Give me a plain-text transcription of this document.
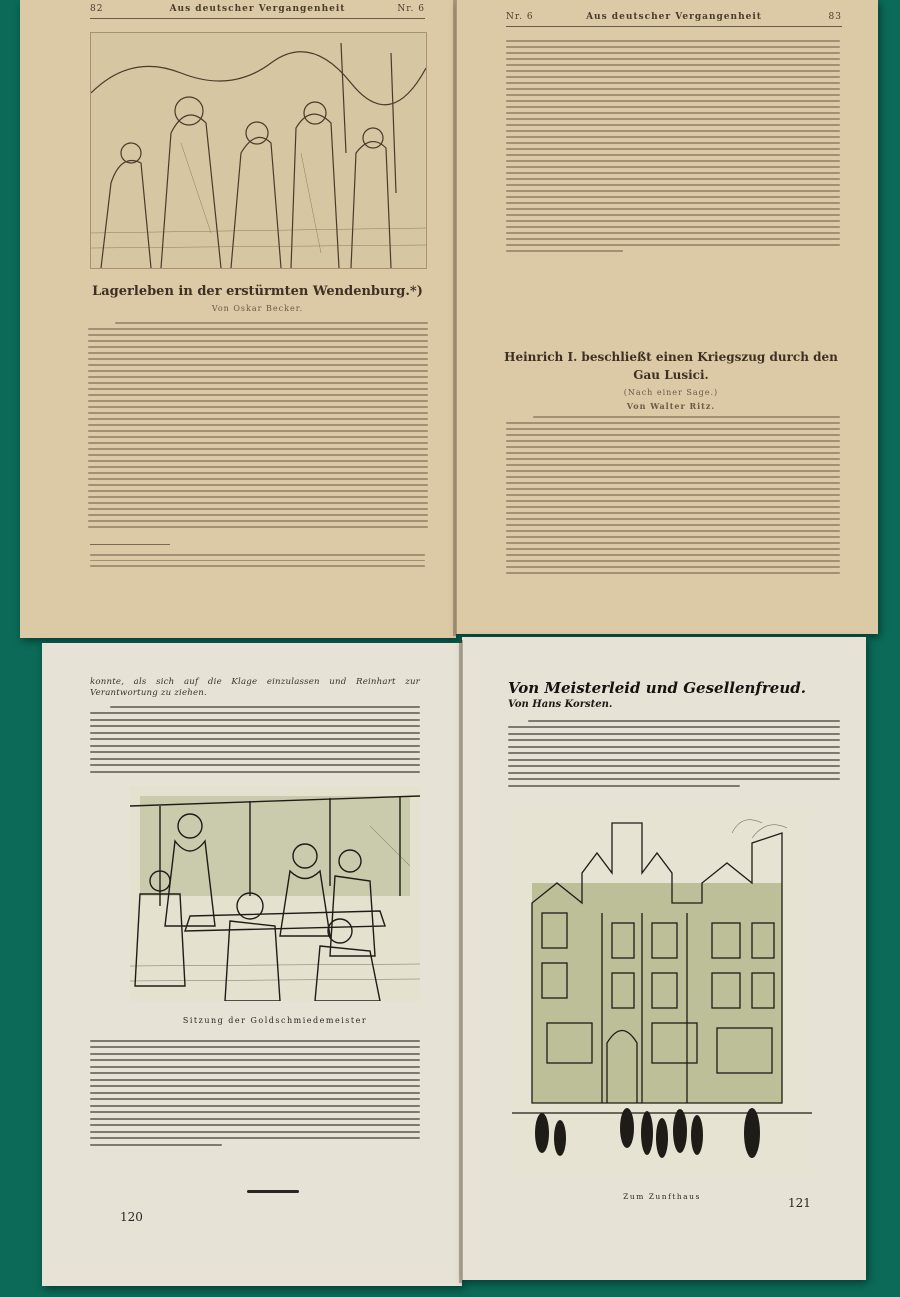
82	Aus deutscher Vergangenheit	Nr. 6
Lagerleben in der erstürmten Wendenburg.*)
Von Oskar Becker.
Nr. 6	Aus deutscher Vergangenheit	83
Heinrich I. beschließt einen Kriegszug durch den
Gau Lusici.
(Nach einer Sage.)
Von Walter Ritz.
konnte, als sich auf die Klage einzulassen und Reinhart zur Verantwortung zu ziehen.
Sitzung der Goldschmiedemeister
120
Von Meisterleid und Gesellenfreud.
Von Hans Korsten.
Zum Zunfthaus	121
